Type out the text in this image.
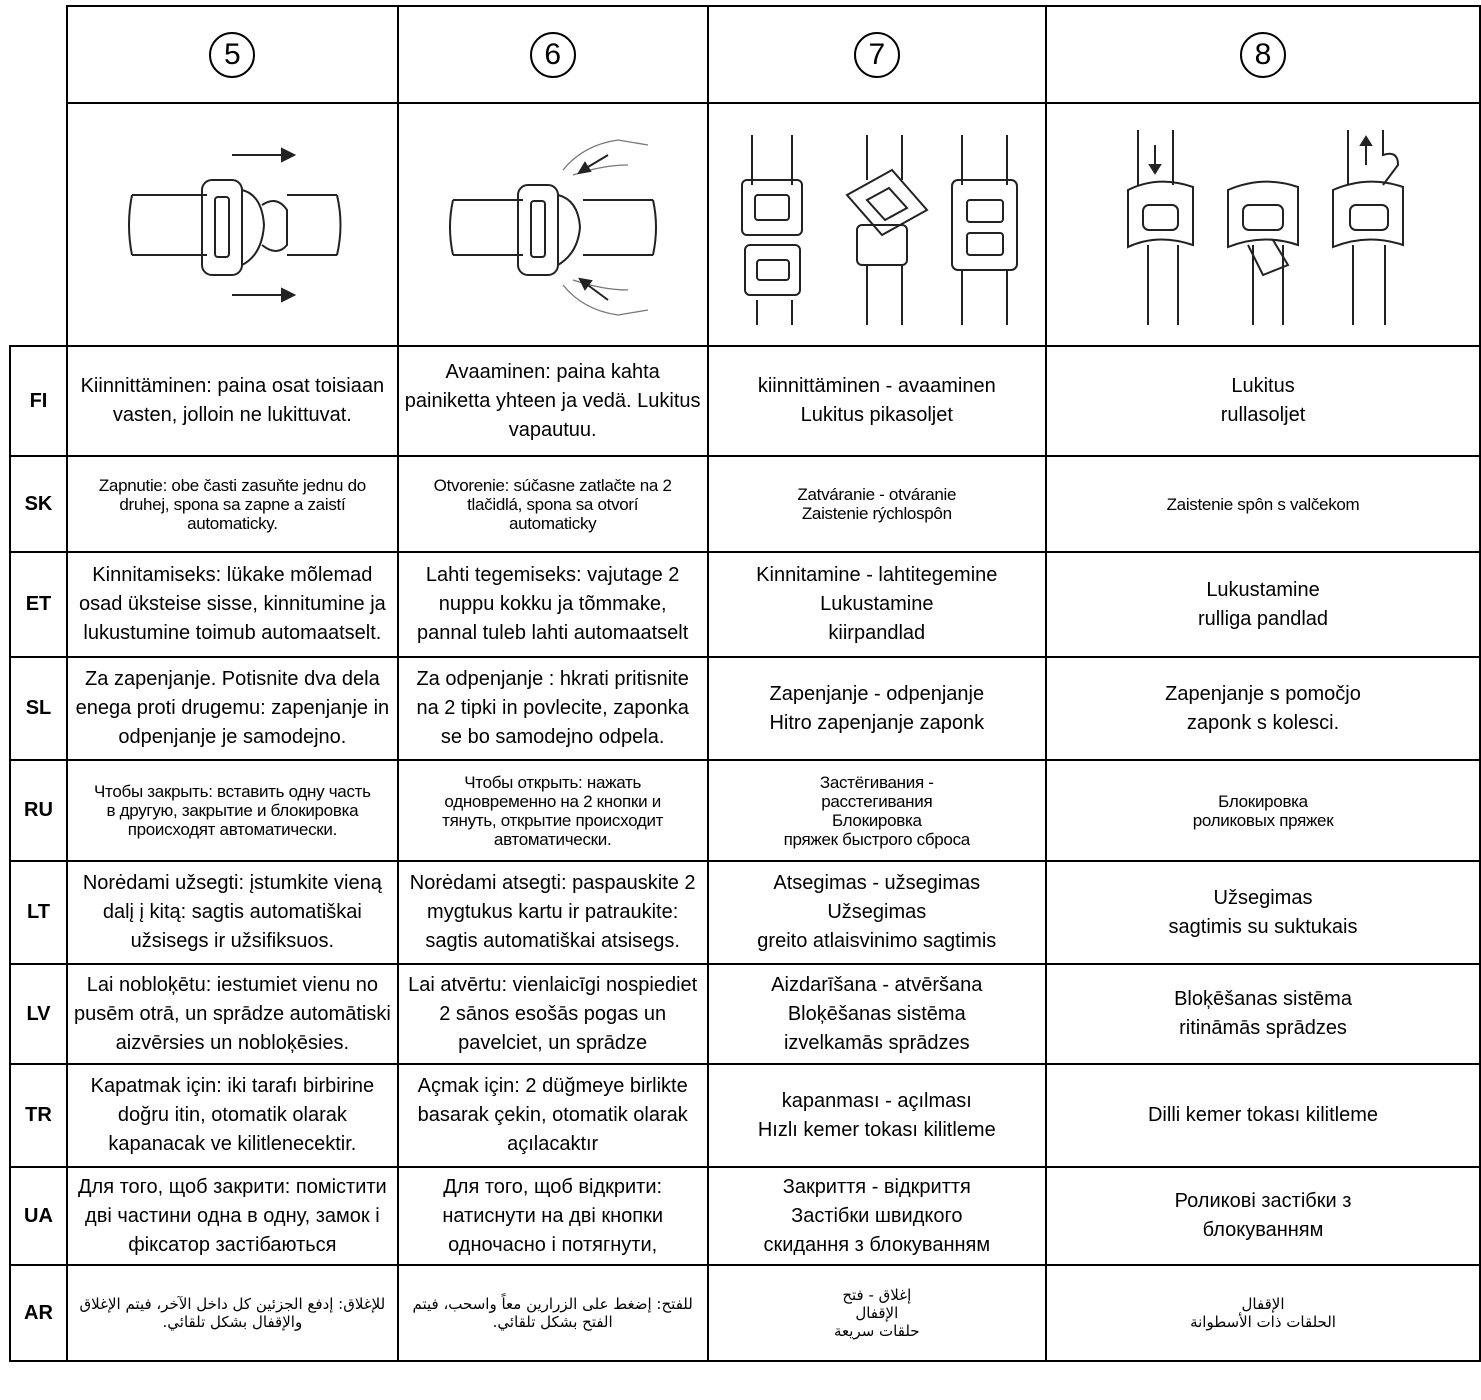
	5	6	7	8

FI	Kiinnittäminen: paina osat toisiaan
vasten, jolloin ne lukittuvat.	Avaaminen: paina kahta
painiketta yhteen ja vedä. Lukitus
vapautuu.	kiinnittäminen - avaaminen
Lukitus pikasoljet	Lukitus
rullasoljet

SK	Zapnutie: obe časti zasuňte jednu do
druhej, spona sa zapne a zaistí
automaticky.	Otvorenie: súčasne zatlačte na 2
tlačidlá, spona sa otvorí
automaticky	Zatváranie - otváranie
Zaistenie rýchlospôn	Zaistenie spôn s valčekom

ET	Kinnitamiseks: lükake mõlemad
osad üksteise sisse, kinnitumine ja
lukustumine toimub automaatselt.	Lahti tegemiseks: vajutage 2
nuppu kokku ja tõmmake,
pannal tuleb lahti automaatselt	Kinnitamine - lahtitegemine
Lukustamine
kiirpandlad	Lukustamine
rulliga pandlad

SL	Za zapenjanje. Potisnite dva dela
enega proti drugemu: zapenjanje in
odpenjanje je samodejno.	Za odpenjanje : hkrati pritisnite
na 2 tipki in povlecite, zaponka
se bo samodejno odpela.	Zapenjanje - odpenjanje
Hitro zapenjanje zaponk	Zapenjanje s pomočjo
zaponk s kolesci.

RU	Чтобы закрыть: вставить одну часть
в другую, закрытие и блокировка
происходят автоматически.	Чтобы открыть: нажать
одновременно на 2 кнопки и
тянуть, открытие происходит
автоматически.	Застёгивания -
расстегивания
Блокировка
пряжек быстрого сброса	Блокировка
роликовых пряжек

LT	Norėdami užsegti: įstumkite vieną
dalį į kitą: sagtis automatiškai
užsisegs ir užsifiksuos.	Norėdami atsegti: paspauskite 2
mygtukus kartu ir patraukite:
sagtis automatiškai atsisegs.	Atsegimas - užsegimas
Užsegimas
greito atlaisvinimo sagtimis	Užsegimas
sagtimis su suktukais

LV	Lai nobloķētu: iestumiet vienu no
pusēm otrā, un sprādze automātiski
aizvērsies un nobloķēsies.	Lai atvērtu: vienlaicīgi nospiediet
2 sānos esošās pogas un
pavelciet, un sprādze	Aizdarīšana - atvēršana
Bloķēšanas sistēma
izvelkamās sprādzes	Bloķēšanas sistēma
ritināmās sprādzes

TR	Kapatmak için: iki tarafı birbirine
doğru itin, otomatik olarak
kapanacak ve kilitlenecektir.	Açmak için: 2 düğmeye birlikte
basarak çekin, otomatik olarak
açılacaktır	kapanması - açılması
Hızlı kemer tokası kilitleme	Dilli kemer tokası kilitleme

UA	Для того, щоб закрити: помістити
дві частини одна в одну, замок і
фіксатор застібаються	Для того, щоб відкрити:
натиснути на дві кнопки
одночасно і потягнути,	Закриття - відкриття
Застібки швидкого
скидання з блокуванням	Роликові застібки з
блокуванням

AR	للإغلاق: إدفع الجزئين كل داخل الآخر، فيتم الإغلاق
والإقفال بشكل تلقائي.	للفتح: إضغط على الزرارين معاً واسحب، فيتم
الفتح بشكل تلقائي.	إغلاق - فتح
الإقفال
حلقات سريعة	الإقفال
الحلقات ذات الأسطوانة
